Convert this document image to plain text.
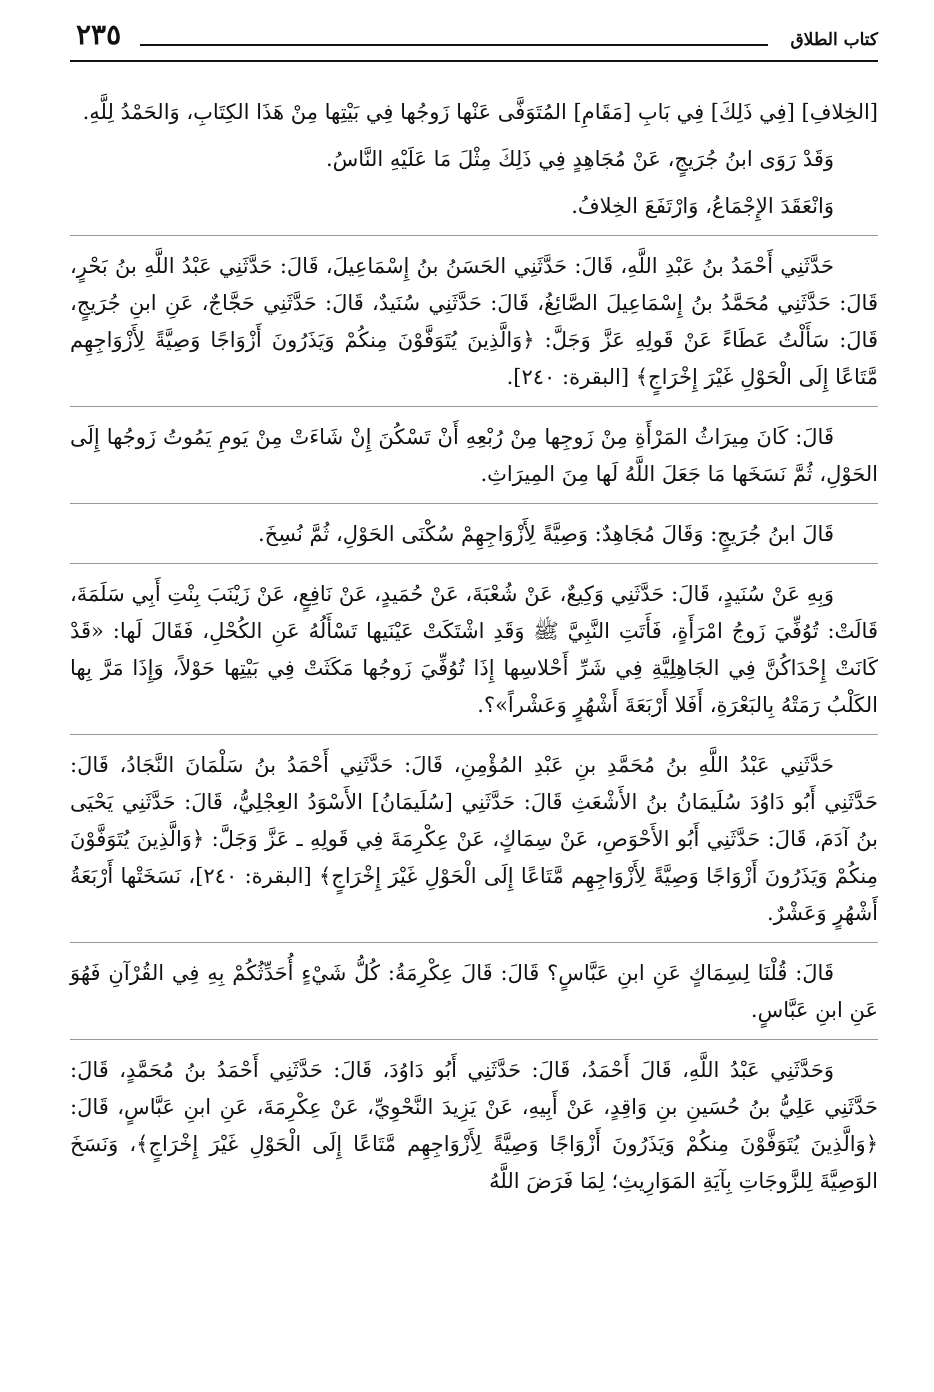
كتاب الطلاق
٢٣٥

[الخِلافِ] [فِي ذَلِكَ] فِي بَابِ [مَقَامِ] المُتَوَفَّى عَنْها زَوجُها فِي بَيْتِها مِنْ هَذَا الكِتَابِ، وَالحَمْدُ لِلَّهِ.

وَقَدْ رَوَى ابنُ جُرَيجٍ، عَنْ مُجَاهِدٍ فِي ذَلِكَ مِثْلَ مَا عَلَيْهِ النَّاسُ.

وَانْعَقَدَ الإِجْمَاعُ، وَارْتَفَعَ الخِلافُ.

حَدَّثَنِي أَحْمَدُ بنُ عَبْدِ اللَّهِ، قَالَ: حَدَّثَنِي الحَسَنُ بنُ إِسْمَاعِيلَ، قَالَ: حَدَّثَنِي عَبْدُ اللَّهِ بنُ بَحْرٍ، قَالَ: حَدَّثَنِي مُحَمَّدُ بنُ إِسْمَاعِيلَ الصَّائِغُ، قَالَ: حَدَّثَنِي سُنَيدٌ، قَالَ: حَدَّثَنِي حَجَّاجٌ، عَنِ ابنِ جُرَيجٍ، قَالَ: سَأَلْتُ عَطَاءً عَنْ قَولِهِ عَزَّ وَجَلَّ: ﴿وَالَّذِينَ يُتَوَفَّوْنَ مِنكُمْ وَيَذَرُونَ أَزْوَاجًا وَصِيَّةً لِأَزْوَاجِهِم مَّتَاعًا إِلَى الْحَوْلِ غَيْرَ إِخْرَاجٍ﴾ [البقرة: ٢٤٠].

قَالَ: كَانَ مِيرَاثُ المَرْأَةِ مِنْ زَوجِها مِنْ رُبْعِهِ أَنْ تَسْكُنَ إِنْ شَاءَتْ مِنْ يَومِ يَمُوتُ زَوجُها إِلَى الحَوْلِ، ثُمَّ نَسَخَها مَا جَعَلَ اللَّهُ لَها مِنَ المِيرَاثِ.

قَالَ ابنُ جُرَيجٍ: وَقَالَ مُجَاهِدٌ: وَصِيَّةً لِأَزْوَاجِهِمْ سُكْنَى الحَوْلِ، ثُمَّ نُسِخَ.

وَبِهِ عَنْ سُنَيدٍ، قَالَ: حَدَّثَنِي وَكِيعٌ، عَنْ شُعْبَةَ، عَنْ حُمَيدٍ، عَنْ نَافِعٍ، عَنْ زَيْنَبَ بِنْتِ أَبِي سَلَمَةَ، قَالَتْ: تُوُفِّيَ زَوجُ امْرَأَةٍ، فَأَتَتِ النَّبِيَّ ﷺ وَقَدِ اشْتَكَتْ عَيْنَيها تَسْأَلُهُ عَنِ الكُحْلِ، فَقَالَ لَها: «قَدْ كَانَتْ إِحْدَاكُنَّ فِي الجَاهِلِيَّةِ فِي شَرِّ أَحْلاسِها إِذَا تُوُفِّيَ زَوجُها مَكَثَتْ فِي بَيْتِها حَوْلاً، وَإِذَا مَرَّ بِها الكَلْبُ رَمَتْهُ بِالبَعْرَةِ، أَفَلا أَرْبَعَةَ أَشْهُرٍ وَعَشْراً»؟.

حَدَّثَنِي عَبْدُ اللَّهِ بنُ مُحَمَّدِ بنِ عَبْدِ المُؤْمِنِ، قَالَ: حَدَّثَنِي أَحْمَدُ بنُ سَلْمَانَ النَّجَادُ، قَالَ: حَدَّثَنِي أَبُو دَاوُدَ سُلَيمَانُ بنُ الأَشْعَثِ قَالَ: حَدَّثَنِي [سُلَيمَانُ] الأَسْوَدُ العِجْلِيُّ، قَالَ: حَدَّثَنِي يَحْيَى بنُ آدَمَ، قَالَ: حَدَّثَنِي أَبُو الأَحْوَصِ، عَنْ سِمَاكٍ، عَنْ عِكْرِمَةَ فِي قَولِهِ ـ عَزَّ وَجَلَّ: ﴿وَالَّذِينَ يُتَوَفَّوْنَ مِنكُمْ وَيَذَرُونَ أَزْوَاجًا وَصِيَّةً لِأَزْوَاجِهِم مَّتَاعًا إِلَى الْحَوْلِ غَيْرَ إِخْرَاجٍ﴾ [البقرة: ٢٤٠]، نَسَخَتْها أَرْبَعَةُ أَشْهُرٍ وَعَشْرٌ.

قَالَ: قُلْنَا لِسِمَاكٍ عَنِ ابنِ عَبَّاسٍ؟ قَالَ: قَالَ عِكْرِمَةُ: كُلُّ شَيْءٍ أُحَدِّثُكُمْ بِهِ فِي القُرْآنِ فَهُوَ عَنِ ابنِ عَبَّاسٍ.

وَحَدَّثَنِي عَبْدُ اللَّهِ، قَالَ أَحْمَدُ، قَالَ: حَدَّثَنِي أَبُو دَاوُدَ، قَالَ: حَدَّثَنِي أَحْمَدُ بنُ مُحَمَّدٍ، قَالَ: حَدَّثَنِي عَلِيُّ بنُ حُسَينِ بنِ وَاقِدٍ، عَنْ أَبِيهِ، عَنْ يَزِيدَ النَّحْوِيِّ، عَنْ عِكْرِمَةَ، عَنِ ابنِ عَبَّاسٍ، قَالَ: ﴿وَالَّذِينَ يُتَوَفَّوْنَ مِنكُمْ وَيَذَرُونَ أَزْوَاجًا وَصِيَّةً لِأَزْوَاجِهِم مَّتَاعًا إِلَى الْحَوْلِ غَيْرَ إِخْرَاجٍ﴾، وَنَسَخَ الوَصِيَّةَ لِلزَّوجَاتِ بِآيَةِ المَوَارِيثِ؛ لِمَا فَرَضَ اللَّهُ
